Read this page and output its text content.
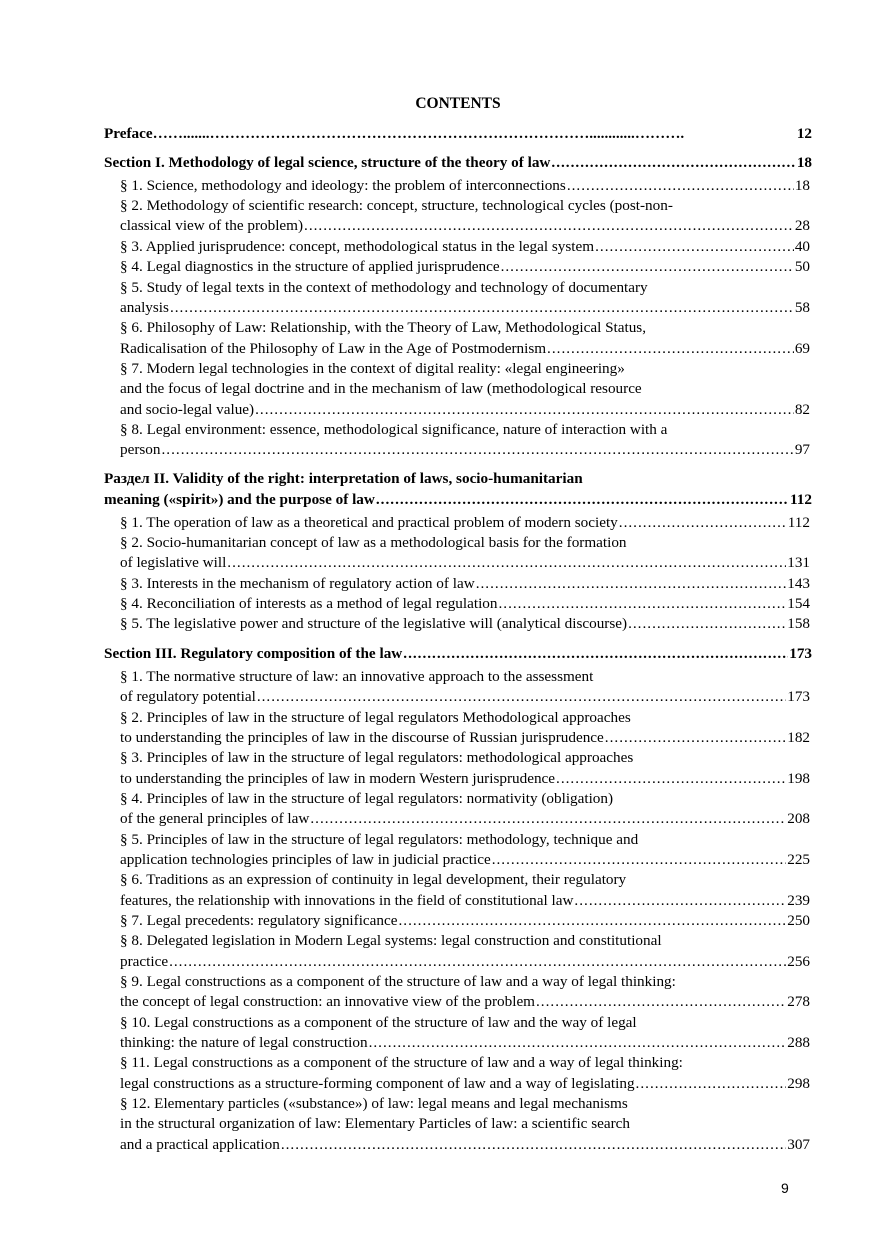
CONTENTS
Preface…….......…………………………………………………………………............……….	12
Section I. Methodology of legal science, structure of the theory of law .....	18
§ 1. Science, methodology and ideology: the problem of interconnections .....	18
§ 2. Methodology of scientific research: concept, structure, technological cycles (post-non-
classical view of the problem) .....	28
§ 3. Applied jurisprudence: concept, methodological status in the legal system .....	40
§ 4. Legal diagnostics in the structure of applied jurisprudence .....	50
§ 5. Study of legal texts in the context of methodology and technology of documentary
analysis .....	58
§ 6. Philosophy of Law: Relationship, with the Theory of Law, Methodological Status,
Radicalisation of the Philosophy of Law in the Age of Postmodernism .....	69
§ 7. Modern legal technologies in the context of digital reality: «legal engineering»
and the focus of legal doctrine and in the mechanism of law (methodological resource
and socio-legal value) .....	82
§ 8. Legal environment: essence, methodological significance, nature of interaction with a
person .....	97
Раздел II. Validity of the right: interpretation of laws, socio-humanitarian
meaning («spirit») and the purpose of law .....	112
§ 1. The operation of law as a theoretical and practical problem of modern society .....	112
§ 2. Socio-humanitarian concept of law as a methodological basis for the formation
of legislative will .....	131
§ 3. Interests in the mechanism of regulatory action of law .....	143
§ 4. Reconciliation of interests as a method of legal regulation .....	154
§ 5. The legislative power and structure of the legislative will (analytical discourse) .....	158
Section III. Regulatory composition of the law .....	173
§ 1. The normative structure of law: an innovative approach to the assessment
of regulatory potential .....	173
§ 2. Principles of law in the structure of legal regulators Methodological approaches
to understanding the principles of law in the discourse of Russian jurisprudence .....	182
§ 3. Principles of law in the structure of legal regulators: methodological approaches
to understanding the principles of law in modern Western jurisprudence .....	198
§ 4. Principles of law in the structure of legal regulators: normativity (obligation)
of the general principles of law .....	208
§ 5. Principles of law in the structure of legal regulators: methodology, technique and
application technologies principles of law in judicial practice .....	225
§ 6. Traditions as an expression of continuity in legal development, their regulatory
features, the relationship with innovations in the field of constitutional law .....	239
§ 7. Legal precedents: regulatory significance .....	250
§ 8. Delegated legislation in Modern Legal systems: legal construction and constitutional
practice .....	256
§ 9. Legal constructions as a component of the structure of law and a way of legal thinking:
the concept of legal construction: an innovative view of the problem .....	278
§ 10. Legal constructions as a component of the structure of law and the way of legal
thinking: the nature of legal construction .....	288
§ 11. Legal constructions as a component of the structure of law and a way of legal thinking:
legal constructions as a structure-forming component of law and a way of legislating .....	298
§ 12. Elementary particles («substance») of law: legal means and legal mechanisms
in the structural organization of law: Elementary Particles of law: a scientific search
and a practical application .....	307
9
